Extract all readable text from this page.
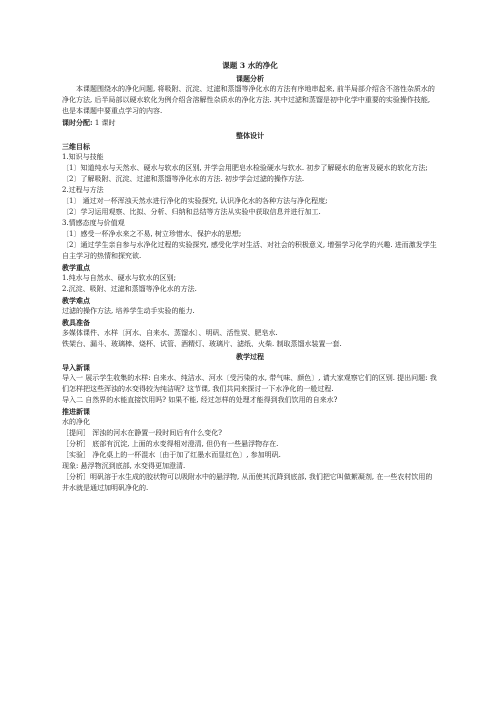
课题 3 水的净化
课题分析

本课题围绕水的净化问题, 将吸附、沉淀、过滤和蒸馏等净化水的方法有序地串起来, 前半局部介绍含不溶性杂质水的净化方法, 后半局部以硬水软化为例介绍含溶解性杂质水的净化方法. 其中过滤和蒸馏是初中化学中重要的实验操作技能, 也是本课题中要重点学习的内容.

课时分配: 1 课时

整体设计
三维目标

1.知识与技能

〔1〕知道纯水与天然水、硬水与软水的区别, 并学会用肥皂水检验硬水与软水. 初步了解硬水的危害及硬水的软化方法;

〔2〕了解吸附、沉淀、过滤和蒸馏等净化水的方法. 初步学会过滤的操作方法.

2.过程与方法

〔1〕 通过对一杯浑浊天然水进行净化的实验探究, 认识净化水的各种方法与净化程度;

〔2〕学习运用观察、比拟、分析、归纳和总结等方法从实验中获取信息并进行加工.

3.情感态度与价值观

〔1〕感受一杯净水来之不易, 树立珍惜水、保护水的思想;

〔2〕通过学生亲自参与水净化过程的实验探究, 感受化学对生活、对社会的积极意义, 增强学习化学的兴趣. 进而激发学生自主学习的热情和探究欲.

教学重点

1.纯水与自然水、硬水与软水的区别;

2.沉淀、吸附、过滤和蒸馏等净化水的方法.

教学难点

过滤的操作方法, 培养学生动手实验的能力.

教具准备

多媒体课件、水样〔河水、自来水、蒸馏水〕、明矾、活性炭、肥皂水.

铁架台、漏斗、玻璃棒、烧杯、试管、酒精灯、玻璃片、滤纸、火柴. 制取蒸馏水装置一套.

教学过程
导入新课

导入一 展示学生收集的水样: 自来水、纯洁水、河水〔受污染的水, 带气味、颜色〕, 请大家观察它们的区别. 提出问题: 我们怎样把这些浑浊的水变得较为纯洁呢? 这节课, 我们共同来探讨一下水净化的一般过程.

导入二 自然界的水能直接饮用吗? 如果不能, 经过怎样的处理才能得到我们饮用的自来水?

推进新课

水的净化

［提问］ 浑浊的河水在静置一段时间后有什么变化?

［分析］ 底部有沉淀, 上面的水变得相对澄清, 但仍有一些悬浮物存在.

［实验］ 净化桌上的一杯混水〔由于加了红墨水而显红色〕, 参加明矾.

现象: 悬浮物沉到底部, 水变得更加澄清.

［分析］明矾溶于水生成的胶状物可以吸附水中的悬浮物, 从而使其沉降到底部, 我们把它叫做絮凝剂, 在一些农村饮用的井水就是通过加明矾净化的.
